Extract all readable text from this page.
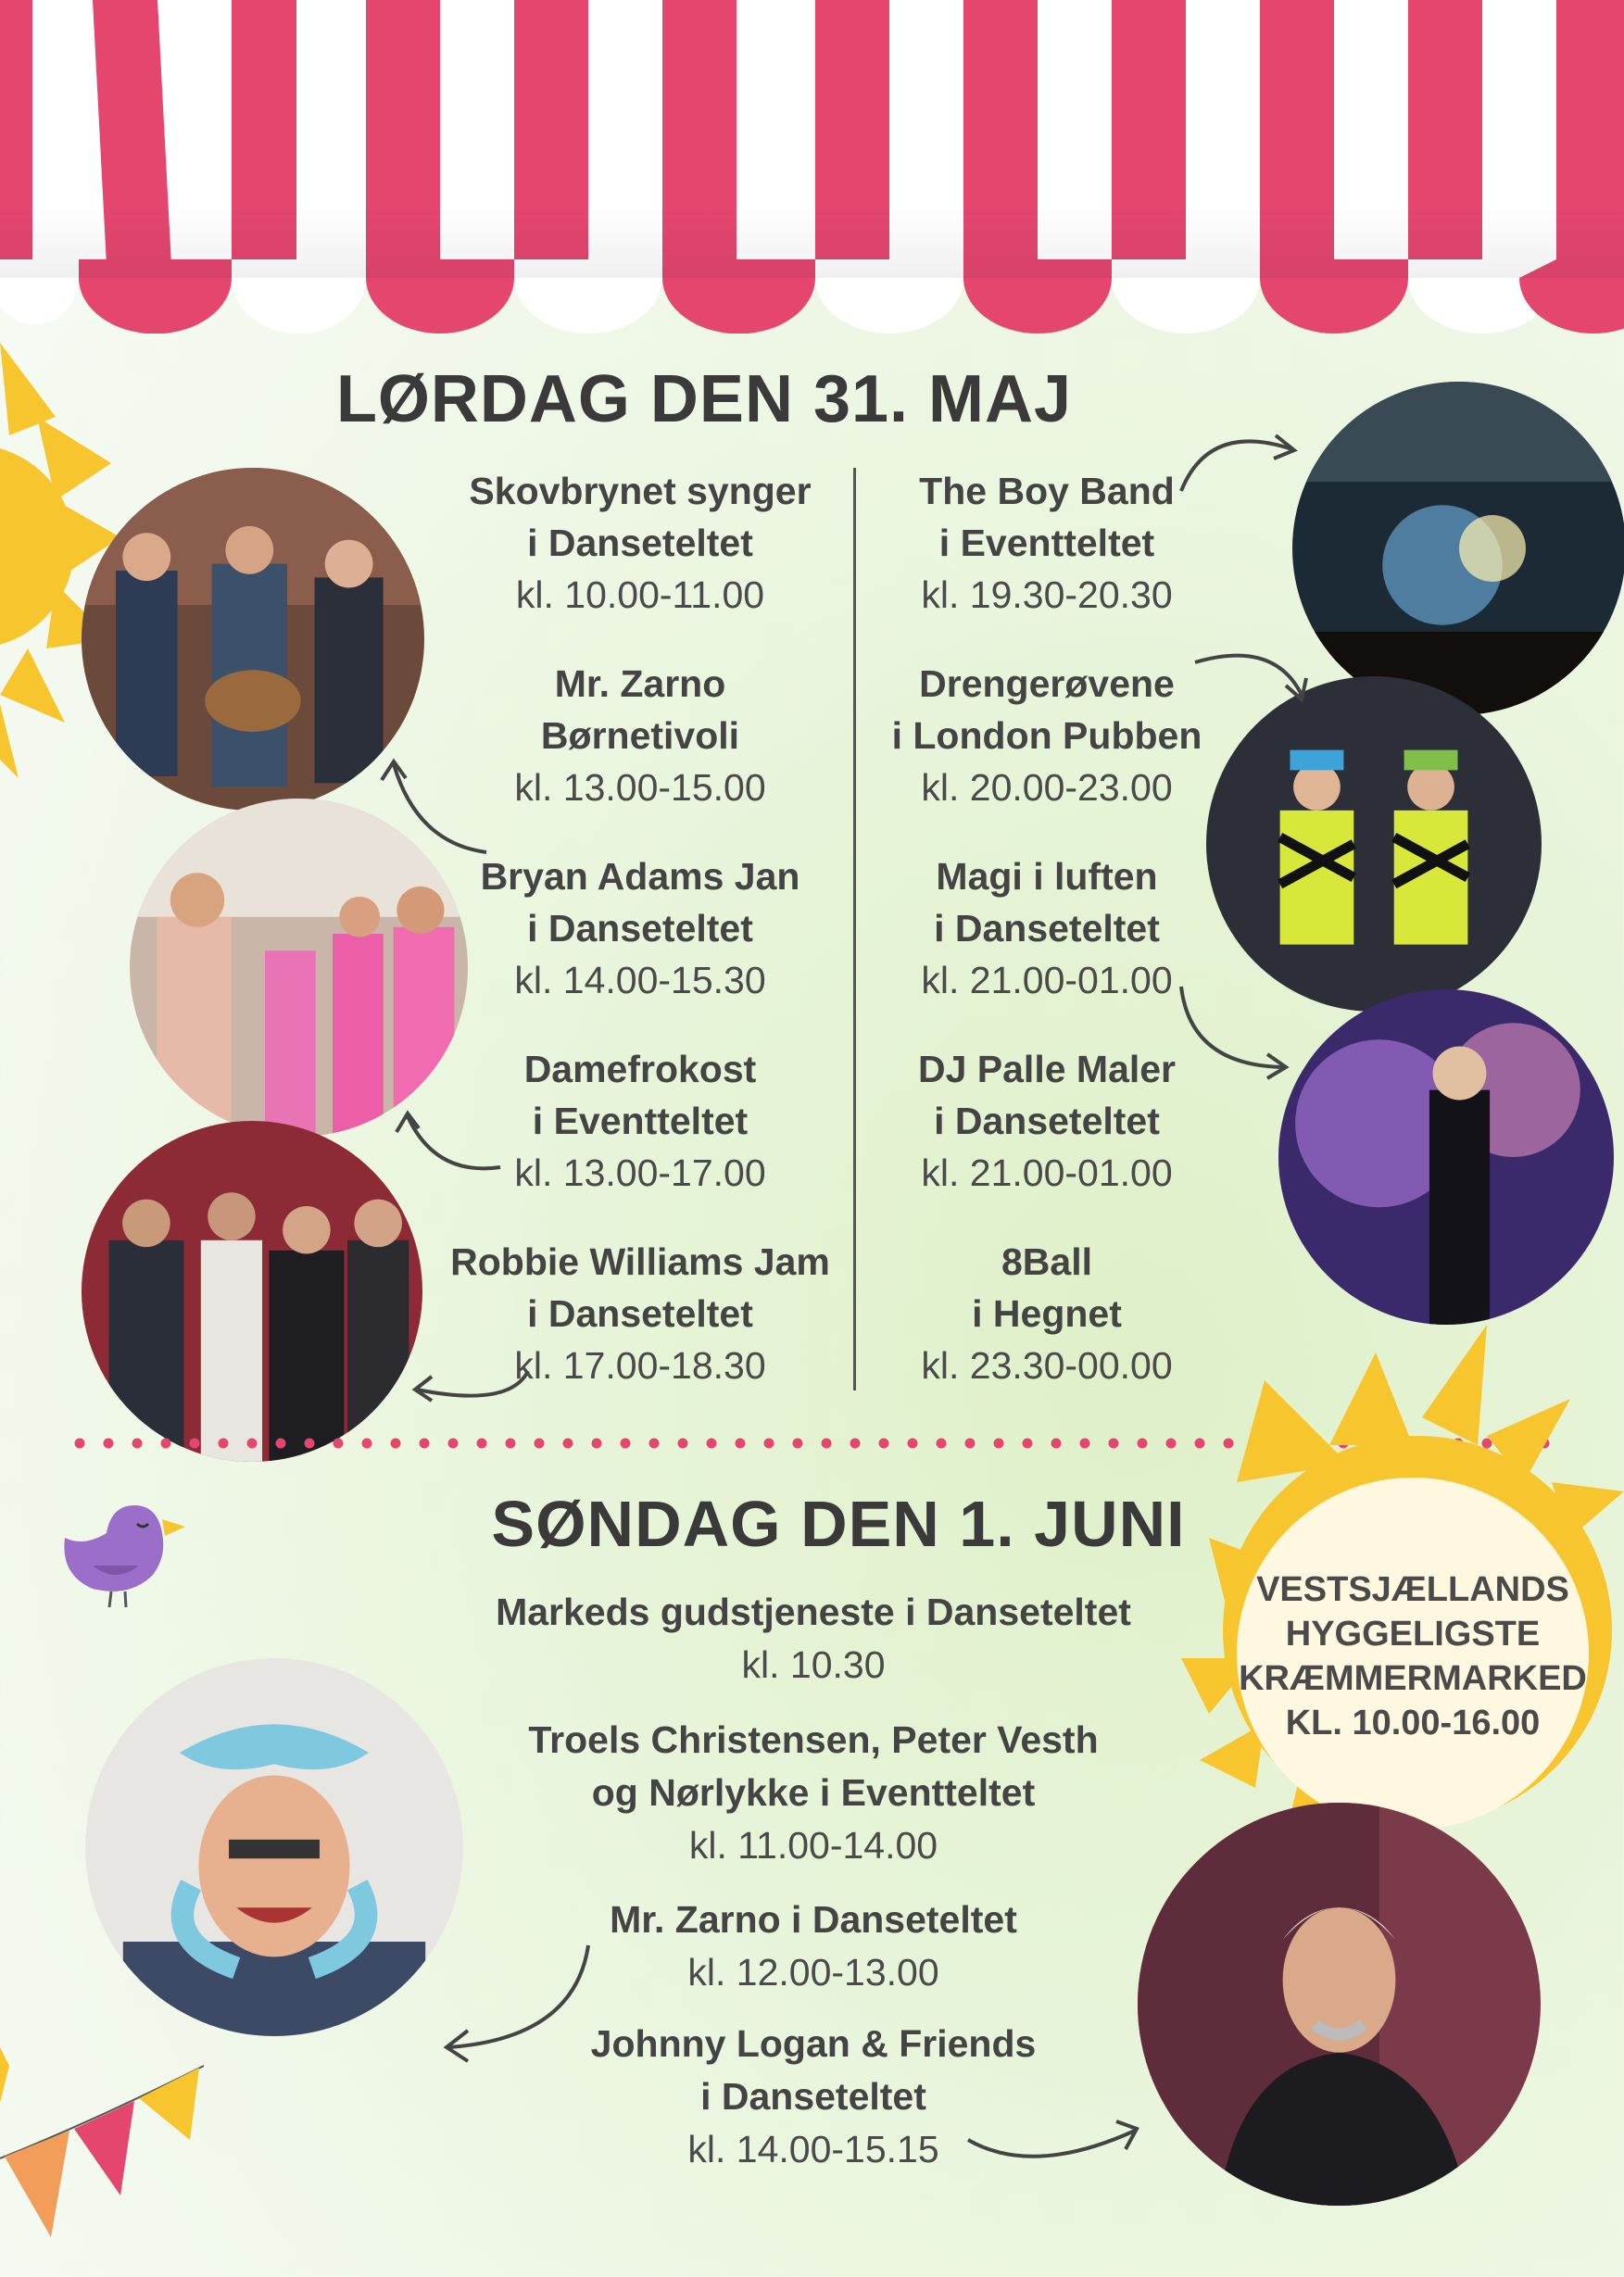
LØRDAG DEN 31. MAJ
Skovbrynet synger
i Danseteltet
kl. 10.00-11.00
Mr. Zarno
Børnetivoli
kl. 13.00-15.00
Bryan Adams Jan
i Danseteltet
kl. 14.00-15.30
Damefrokost
i Eventteltet
kl. 13.00-17.00
Robbie Williams Jam
i Danseteltet
kl. 17.00-18.30
The Boy Band
i Eventteltet
kl. 19.30-20.30
Drengerøvene
i London Pubben
kl. 20.00-23.00
Magi i luften
i Danseteltet
kl. 21.00-01.00
DJ Palle Maler
i Danseteltet
kl. 21.00-01.00
8Ball
i Hegnet
kl. 23.30-00.00
VESTSJÆLLANDS
HYGGELIGSTE
KRÆMMERMARKED
KL. 10.00-16.00
SØNDAG DEN 1. JUNI
Markeds gudstjeneste i Danseteltet
kl. 10.30
Troels Christensen, Peter Vesth
og Nørlykke i Eventteltet
kl. 11.00-14.00
Mr. Zarno i Danseteltet
kl. 12.00-13.00
Johnny Logan & Friends
i Danseteltet
kl. 14.00-15.15
